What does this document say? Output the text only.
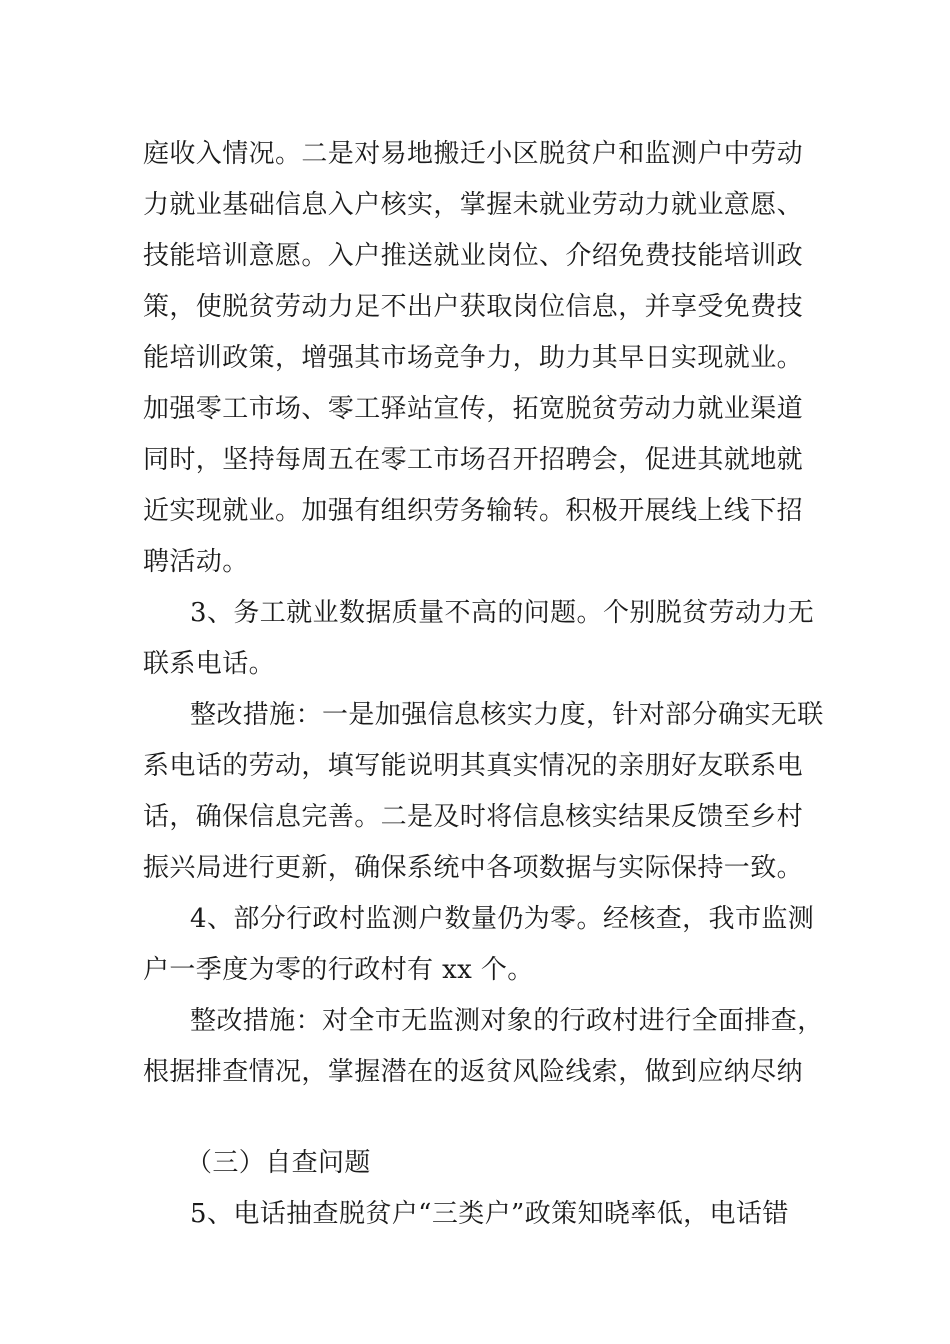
庭收入情况。二是对易地搬迁小区脱贫户和监测户中劳动
力就业基础信息入户核实，掌握未就业劳动力就业意愿、
技能培训意愿。入户推送就业岗位、介绍免费技能培训政
策，使脱贫劳动力足不出户获取岗位信息，并享受免费技
能培训政策，增强其市场竞争力，助力其早日实现就业。
加强零工市场、零工驿站宣传，拓宽脱贫劳动力就业渠道
同时，坚持每周五在零工市场召开招聘会，促进其就地就
近实现就业。加强有组织劳务输转。积极开展线上线下招
聘活动。
3、务工就业数据质量不高的问题。个别脱贫劳动力无
联系电话。
整改措施：一是加强信息核实力度，针对部分确实无联
系电话的劳动，填写能说明其真实情况的亲朋好友联系电
话，确保信息完善。二是及时将信息核实结果反馈至乡村
振兴局进行更新，确保系统中各项数据与实际保持一致。
4、部分行政村监测户数量仍为零。经核查，我市监测
户一季度为零的行政村有 xx 个。
整改措施：对全市无监测对象的行政村进行全面排查，
根据排查情况，掌握潜在的返贫风险线索，做到应纳尽纳
（三）自查问题
5、电话抽查脱贫户“三类户”政策知晓率低，电话错
